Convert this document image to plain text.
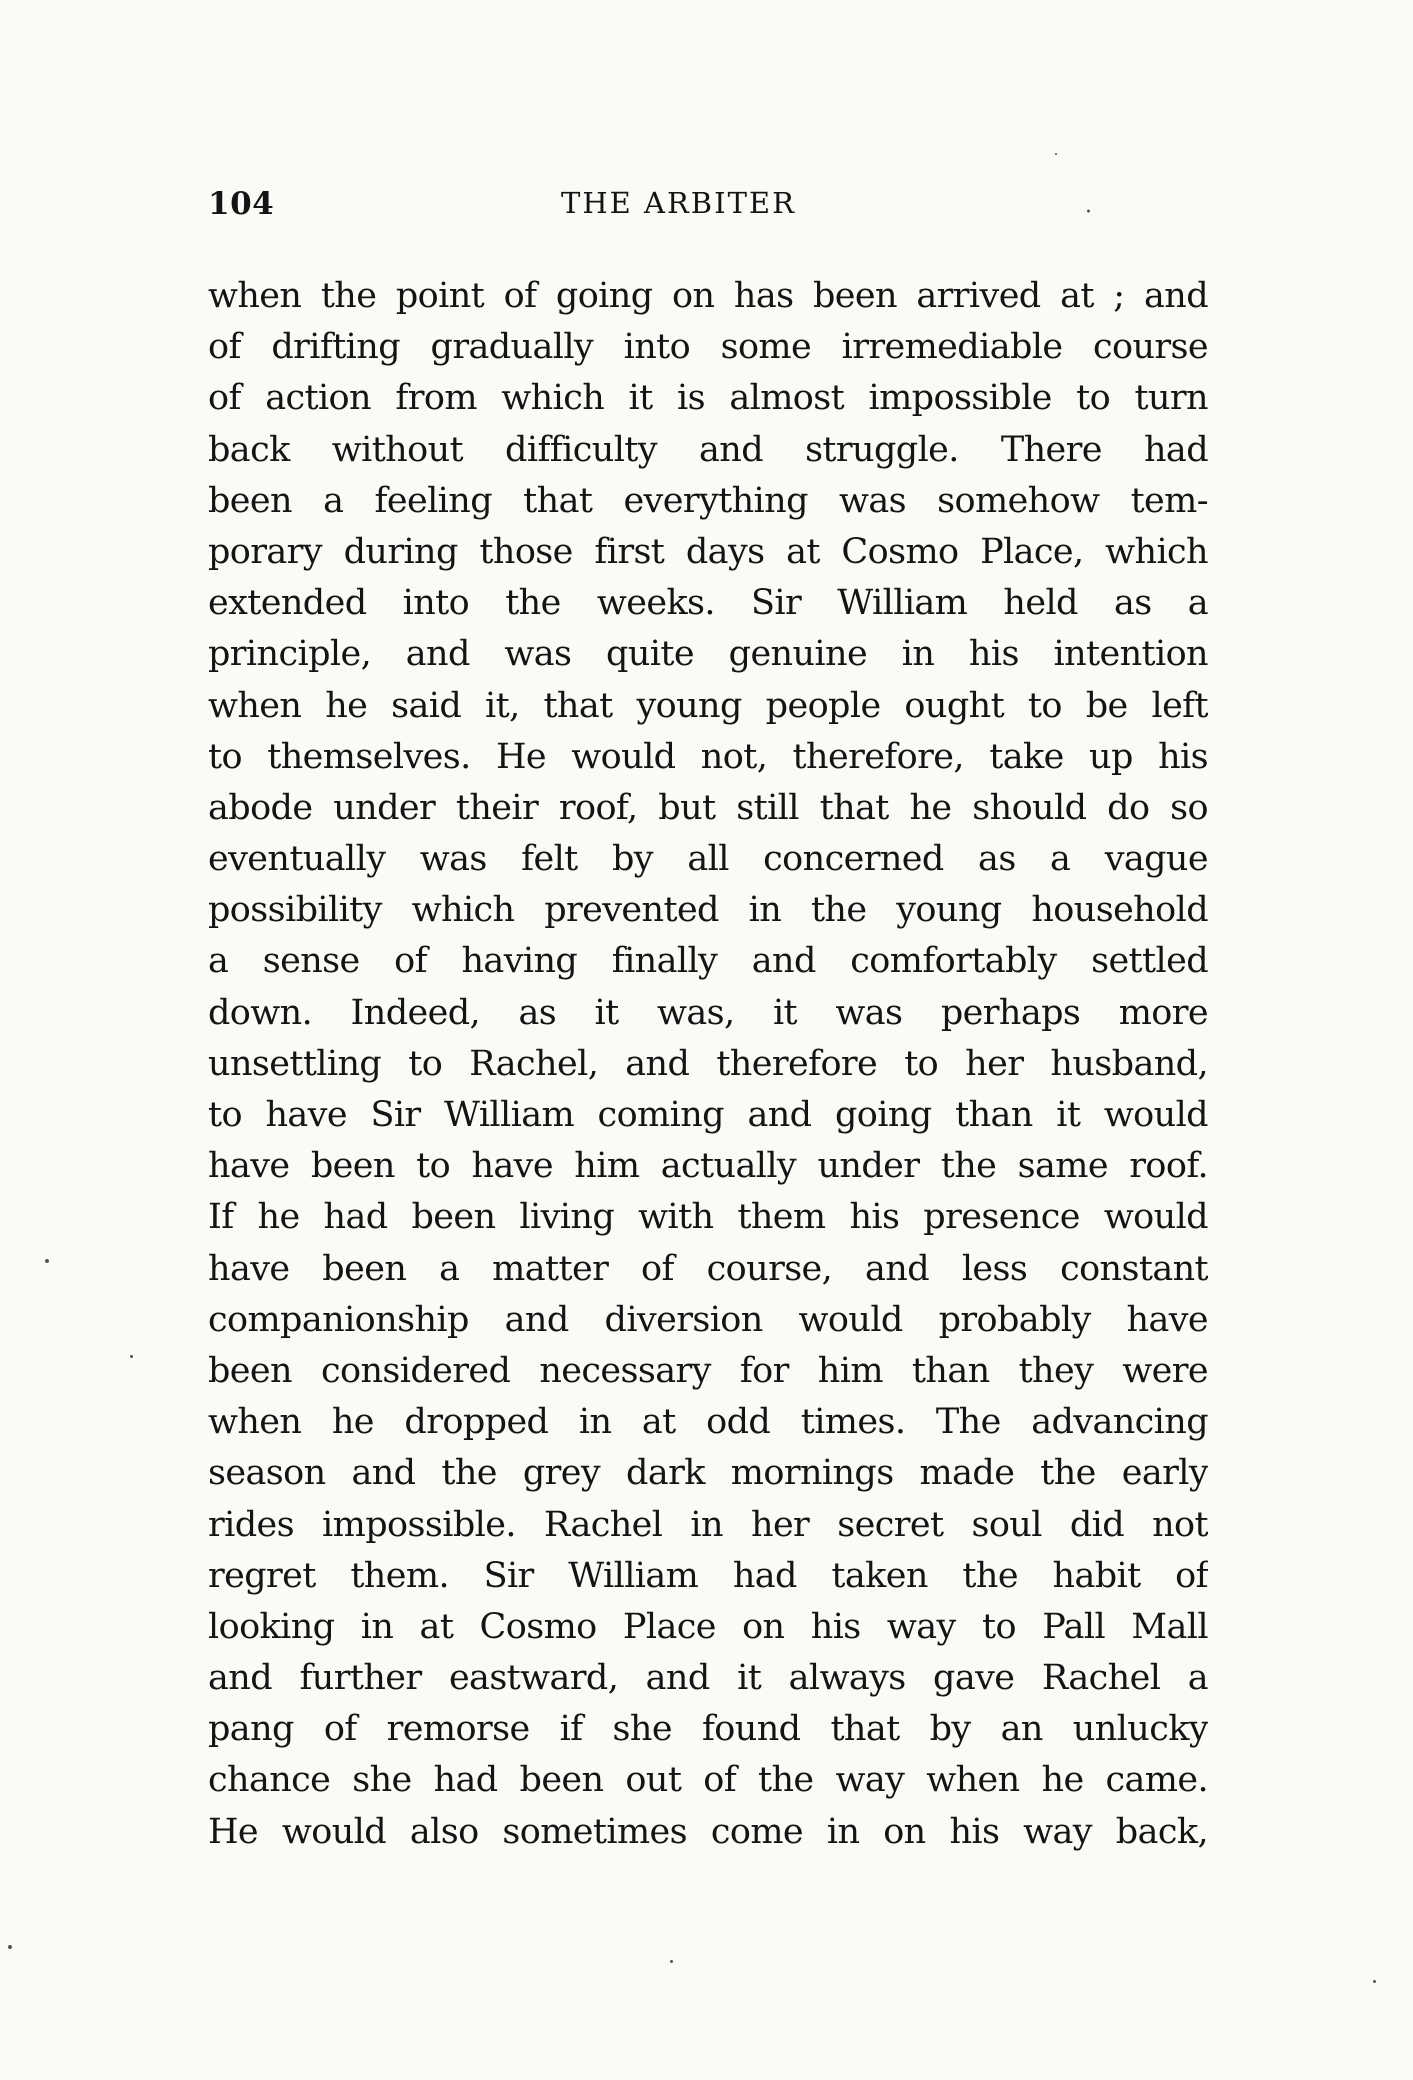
104	THE ARBITER	·
when the point of going on has been arrived at ; and
of drifting gradually into some irremediable course
of action from which it is almost impossible to turn
back without difficulty and struggle. There had
been a feeling that everything was somehow tem-
porary during those first days at Cosmo Place, which
extended into the weeks. Sir William held as a
principle, and was quite genuine in his intention
when he said it, that young people ought to be left
to themselves. He would not, therefore, take up his
abode under their roof, but still that he should do so
eventually was felt by all concerned as a vague
possibility which prevented in the young household
a sense of having finally and comfortably settled
down. Indeed, as it was, it was perhaps more
unsettling to Rachel, and therefore to her husband,
to have Sir William coming and going than it would
have been to have him actually under the same roof.
If he had been living with them his presence would
have been a matter of course, and less constant
companionship and diversion would probably have
been considered necessary for him than they were
when he dropped in at odd times. The advancing
season and the grey dark mornings made the early
rides impossible. Rachel in her secret soul did not
regret them. Sir William had taken the habit of
looking in at Cosmo Place on his way to Pall Mall
and further eastward, and it always gave Rachel a
pang of remorse if she found that by an unlucky
chance she had been out of the way when he came.
He would also sometimes come in on his way back,
